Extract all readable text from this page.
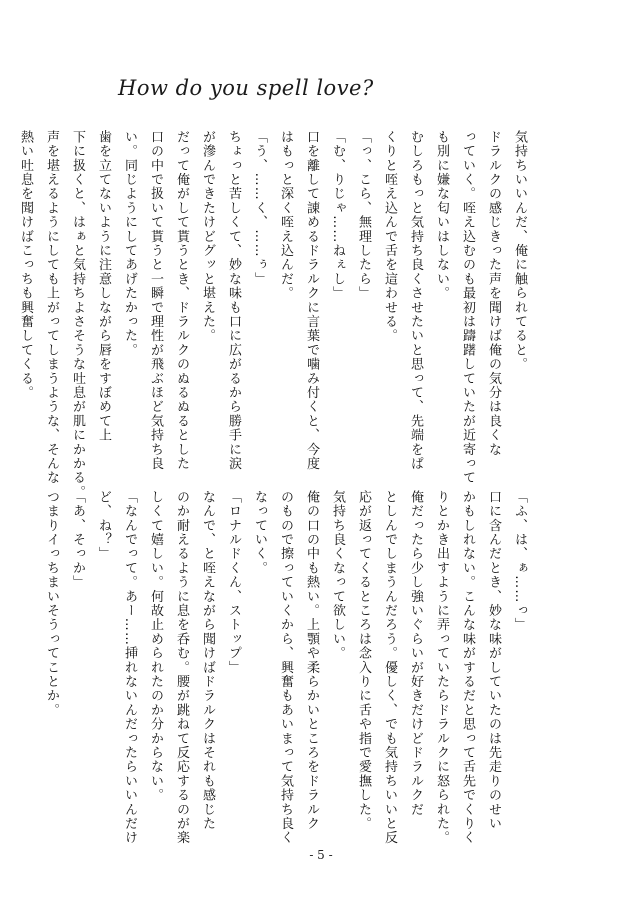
How do you spell love?
気持ちいいんだ、俺に触られてると。
ドラルクの感じきった声を聞けば俺の気分は良くな
っていく。咥え込むのも最初は躊躇していたが近寄って
も別に嫌な匂いはしない。
むしろもっと気持ち良くさせたいと思って、先端をぱ
くりと咥え込んで舌を這わせる。
「っ、こら、無理したら」
「む、りじゃ……ねぇし」
口を離して諌めるドラルクに言葉で噛み付くと、今度
はもっと深く咥え込んだ。
「う、……く、……ぅ」
ちょっと苦しくて、妙な味も口に広がるから勝手に涙
が滲んできたけどグッと堪えた。
だって俺がして貰うとき、ドラルクのぬるぬるとした
口の中で扱いて貰うと一瞬で理性が飛ぶほど気持ち良
い。同じようにしてあげたかった。
歯を立てないように注意しながら唇をすぼめて上
下に扱くと、はぁと気持ちよさそうな吐息が肌にかかる。
声を堪えるようにしても上がってしまうような、そんな
熱い吐息を聞けばこっちも興奮してくる。
「ふ、は、ぁ……っ」
口に含んだとき、妙な味がしていたのは先走りのせい
かもしれない。こんな味がするだと思って舌先でくりく
りとかき出すように弄っていたらドラルクに怒られた。
俺だったら少し強いぐらいが好きだけどドラルクだ
としんでしまうんだろう。優しく、でも気持ちいいと反
応が返ってくるところは念入りに舌や指で愛撫した。
気持ち良くなって欲しい。
俺の口の中も熱い。上顎や柔らかいところをドラルク
のもので擦っていくから、興奮もあいまって気持ち良く
なっていく。
「ロナルドくん、ストップ」
なんで、と咥えながら聞けばドラルクはそれも感じた
のか耐えるように息を呑む。腰が跳ねて反応するのが楽
しくて嬉しい。何故止められたのか分からない。
「なんでって。あー……挿れないんだったらいいんだけ
ど、ね？」
「あ、そっか」
つまりイっちまいそうってことか。
- 5 -
